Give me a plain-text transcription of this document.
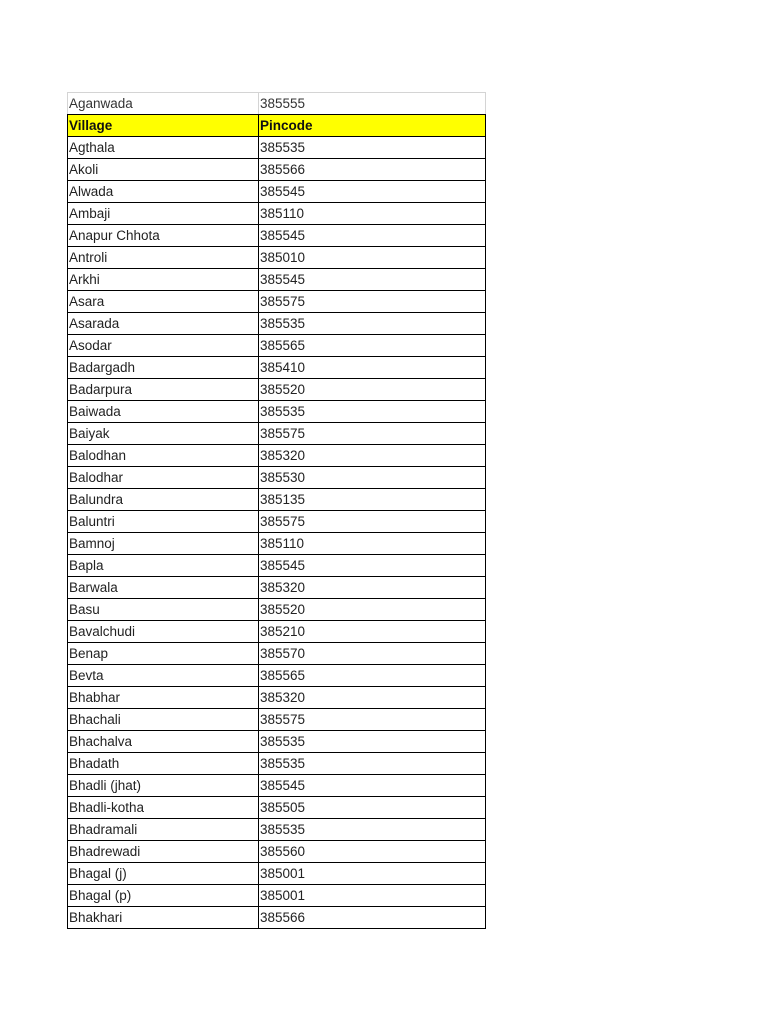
Aganwada	385555
Village	Pincode
Agthala	385535
Akoli	385566
Alwada	385545
Ambaji	385110
Anapur Chhota	385545
Antroli	385010
Arkhi	385545
Asara	385575
Asarada	385535
Asodar	385565
Badargadh	385410
Badarpura	385520
Baiwada	385535
Baiyak	385575
Balodhan	385320
Balodhar	385530
Balundra	385135
Baluntri	385575
Bamnoj	385110
Bapla	385545
Barwala	385320
Basu	385520
Bavalchudi	385210
Benap	385570
Bevta	385565
Bhabhar	385320
Bhachali	385575
Bhachalva	385535
Bhadath	385535
Bhadli (jhat)	385545
Bhadli-kotha	385505
Bhadramali	385535
Bhadrewadi	385560
Bhagal (j)	385001
Bhagal (p)	385001
Bhakhari	385566
